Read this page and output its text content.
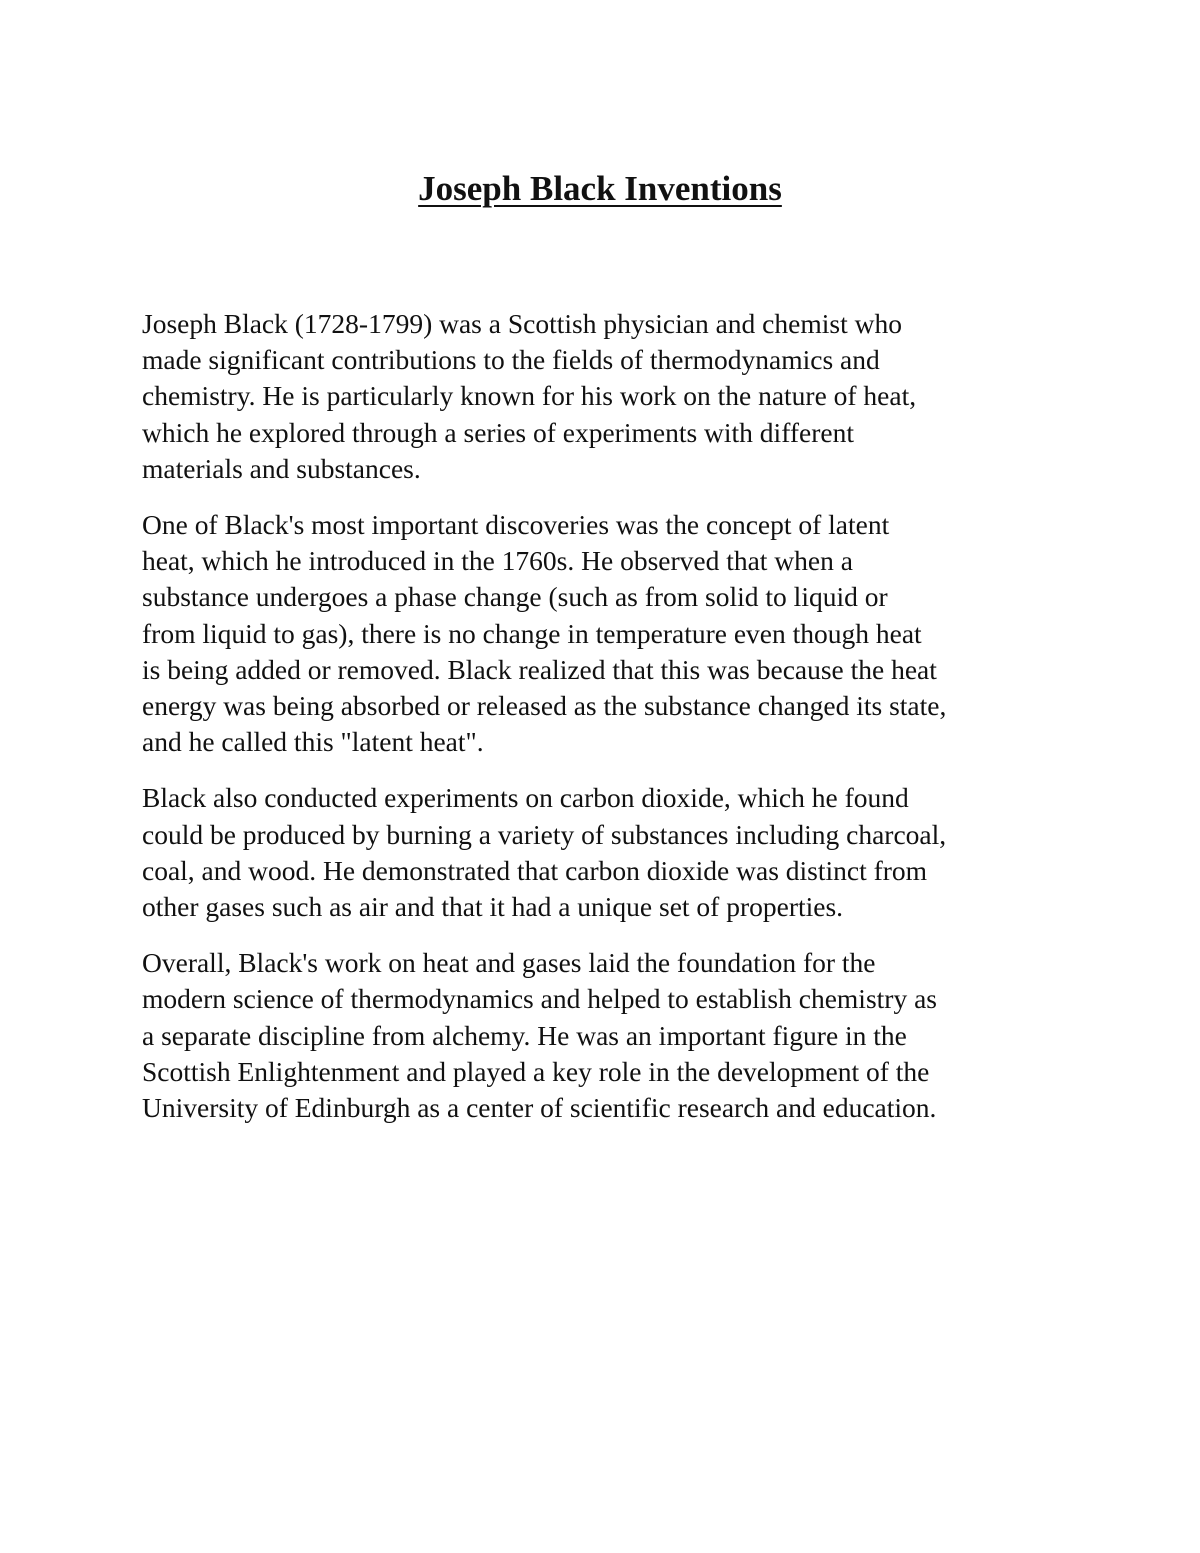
Joseph Black Inventions

Joseph Black (1728-1799) was a Scottish physician and chemist who
made significant contributions to the fields of thermodynamics and
chemistry. He is particularly known for his work on the nature of heat,
which he explored through a series of experiments with different
materials and substances.

One of Black's most important discoveries was the concept of latent
heat, which he introduced in the 1760s. He observed that when a
substance undergoes a phase change (such as from solid to liquid or
from liquid to gas), there is no change in temperature even though heat
is being added or removed. Black realized that this was because the heat
energy was being absorbed or released as the substance changed its state,
and he called this "latent heat".

Black also conducted experiments on carbon dioxide, which he found
could be produced by burning a variety of substances including charcoal,
coal, and wood. He demonstrated that carbon dioxide was distinct from
other gases such as air and that it had a unique set of properties.

Overall, Black's work on heat and gases laid the foundation for the
modern science of thermodynamics and helped to establish chemistry as
a separate discipline from alchemy. He was an important figure in the
Scottish Enlightenment and played a key role in the development of the
University of Edinburgh as a center of scientific research and education.
